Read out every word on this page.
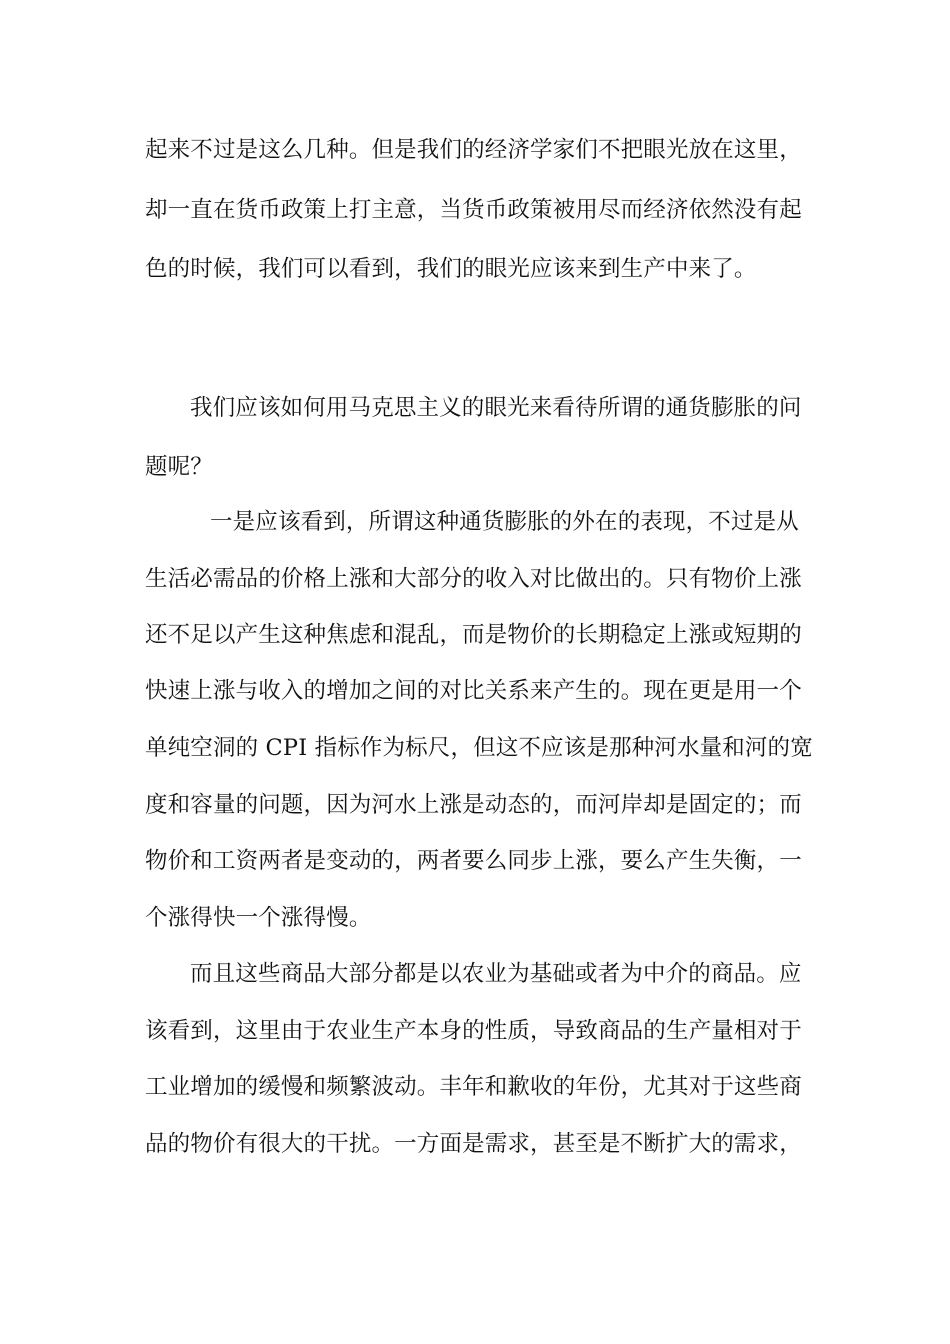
起来不过是这么几种。但是我们的经济学家们不把眼光放在这里，
却一直在货币政策上打主意，当货币政策被用尽而经济依然没有起
色的时候，我们可以看到，我们的眼光应该来到生产中来了。
我们应该如何用马克思主义的眼光来看待所谓的通货膨胀的问
题呢？
一是应该看到，所谓这种通货膨胀的外在的表现，不过是从
生活必需品的价格上涨和大部分的收入对比做出的。只有物价上涨
还不足以产生这种焦虑和混乱，而是物价的长期稳定上涨或短期的
快速上涨与收入的增加之间的对比关系来产生的。现在更是用一个
单纯空洞的 CPI 指标作为标尺，但这不应该是那种河水量和河的宽
度和容量的问题，因为河水上涨是动态的，而河岸却是固定的；而
物价和工资两者是变动的，两者要么同步上涨，要么产生失衡，一
个涨得快一个涨得慢。
而且这些商品大部分都是以农业为基础或者为中介的商品。应
该看到，这里由于农业生产本身的性质，导致商品的生产量相对于
工业增加的缓慢和频繁波动。丰年和歉收的年份，尤其对于这些商
品的物价有很大的干扰。一方面是需求，甚至是不断扩大的需求，
